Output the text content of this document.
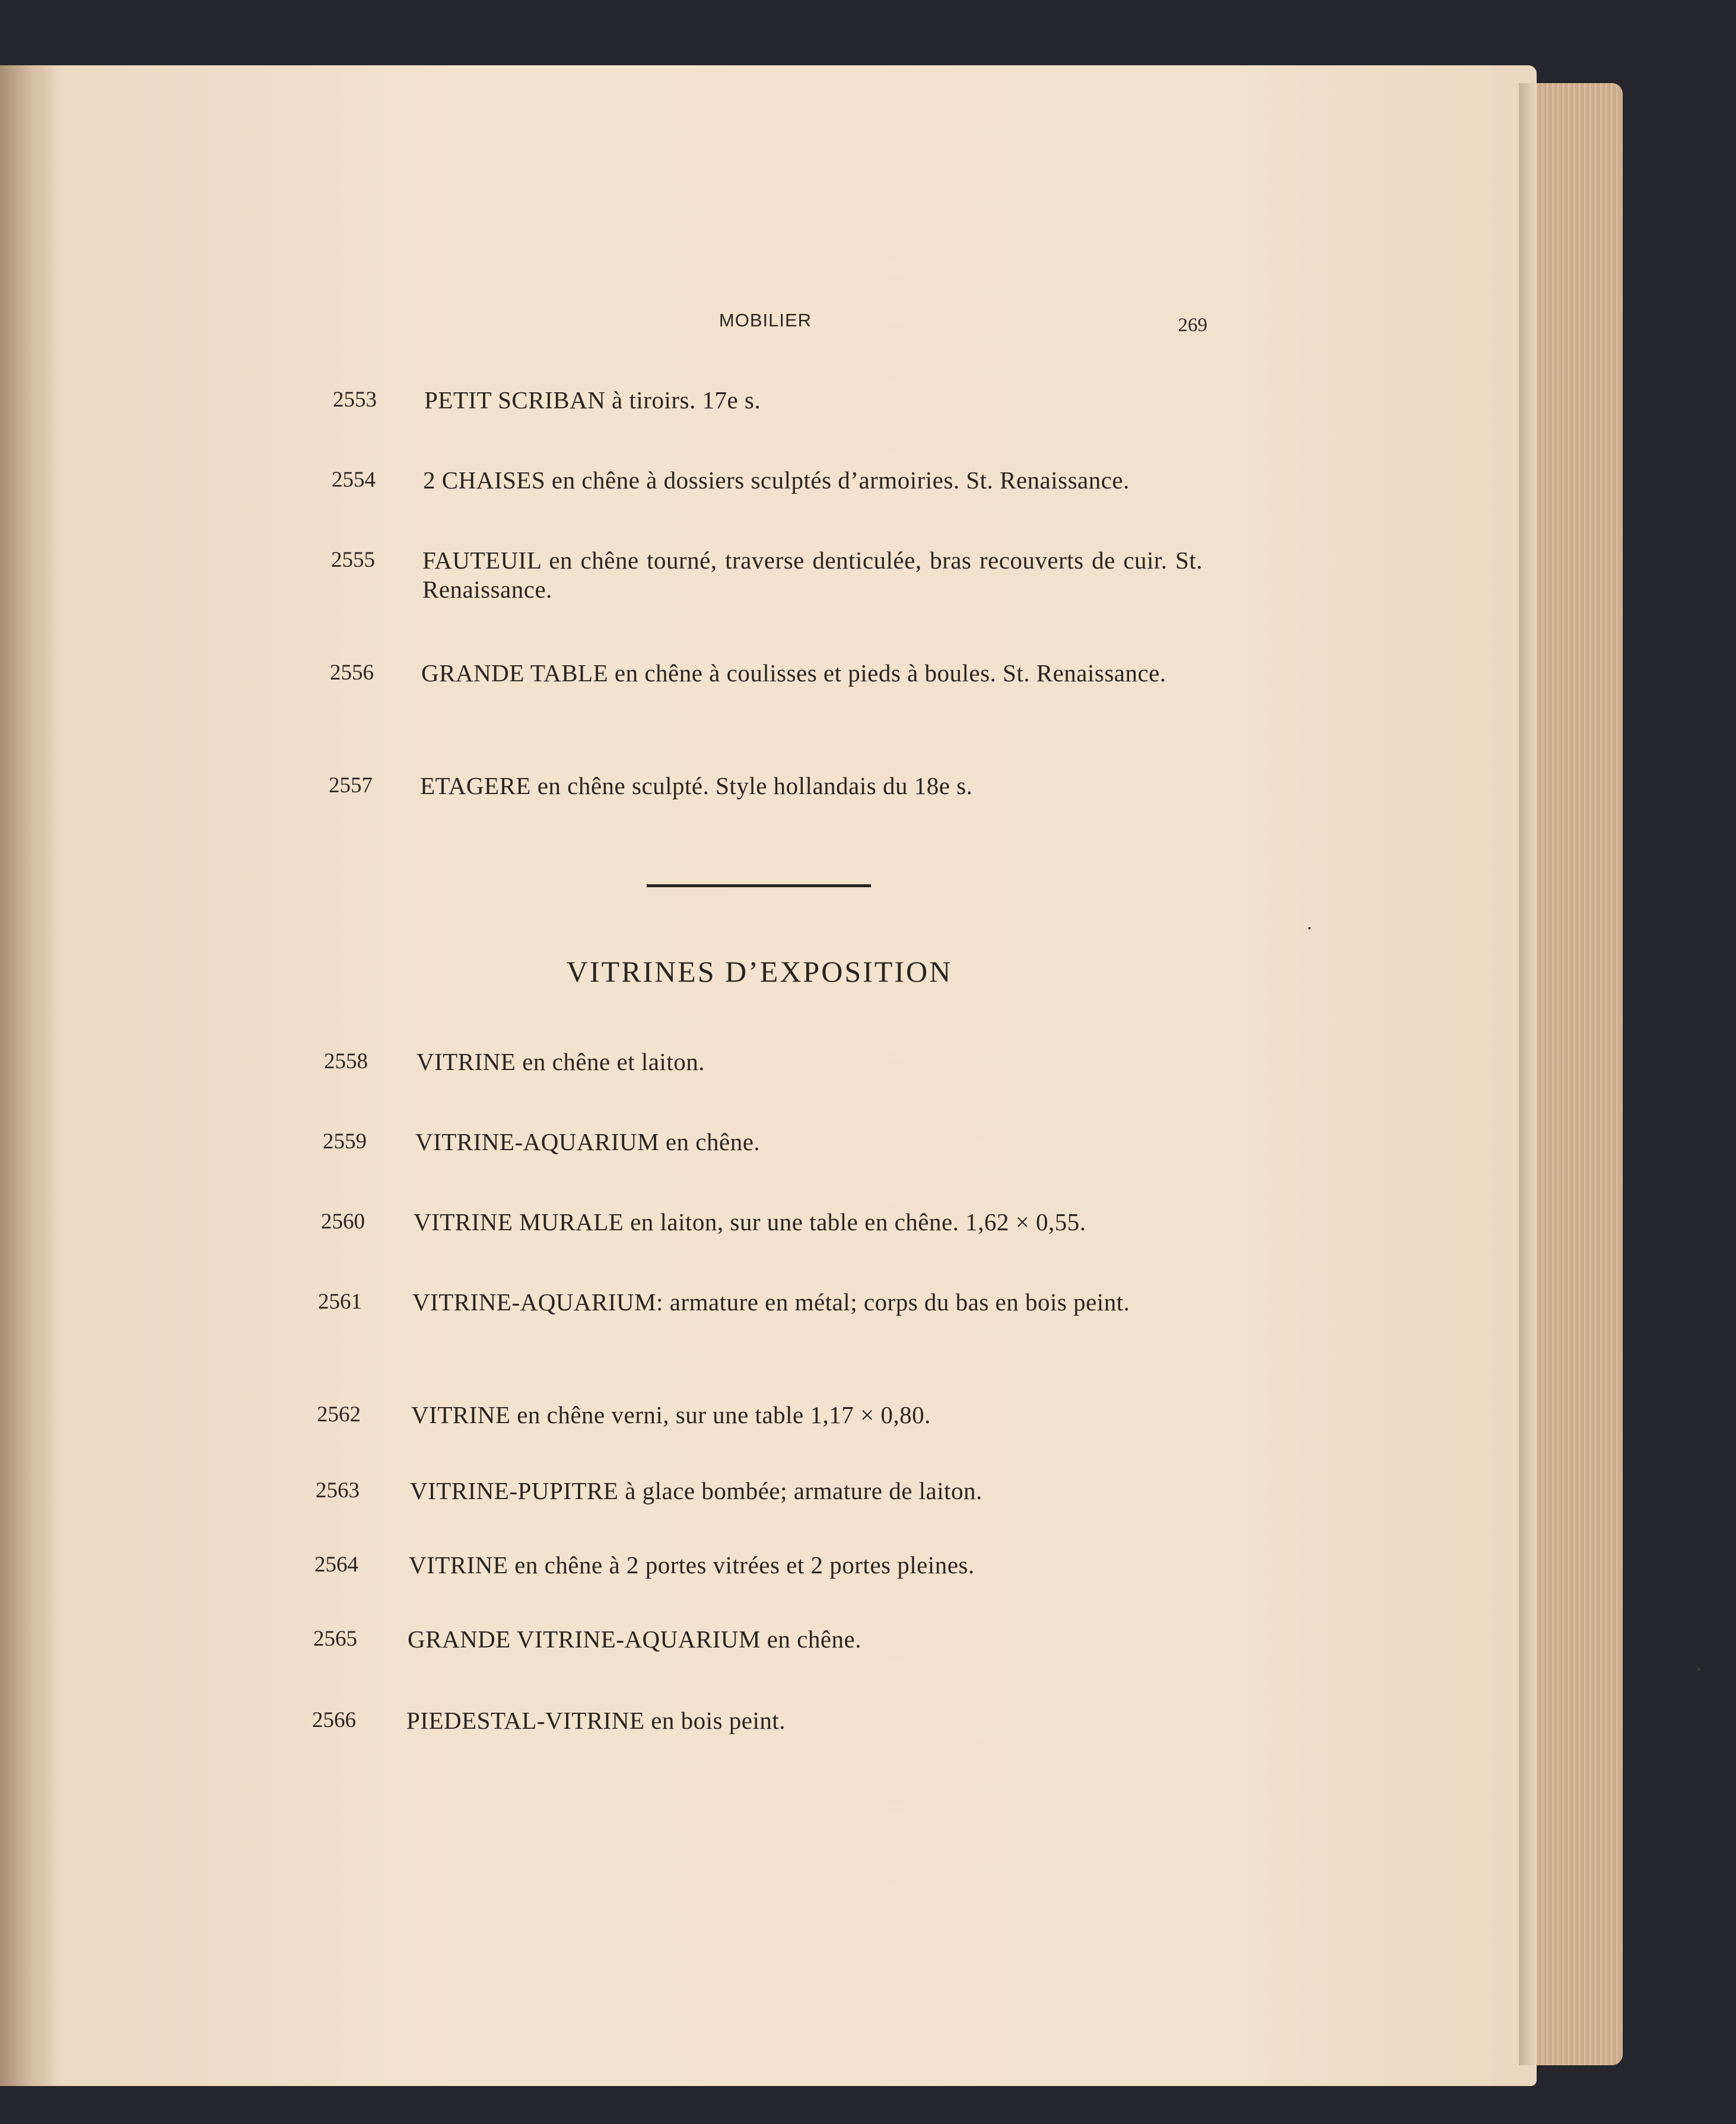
MOBILIER	269
2553 PETIT SCRIBAN à tiroirs. 17e s.
2554 2 CHAISES en chêne à dossiers sculptés d’armoiries. St. Renaissance.
2555 FAUTEUIL en chêne tourné, traverse denticulée, bras recouverts de cuir. St. Renaissance.
2556 GRANDE TABLE en chêne à coulisses et pieds à boules. St. Renaissance.
2557 ETAGERE en chêne sculpté. Style hollandais du 18e s.
VITRINES D’EXPOSITION
2558 VITRINE en chêne et laiton.
2559 VITRINE-AQUARIUM en chêne.
2560 VITRINE MURALE en laiton, sur une table en chêne. 1,62 × 0,55.
2561 VITRINE-AQUARIUM: armature en métal; corps du bas en bois peint.
2562 VITRINE en chêne verni, sur une table 1,17 × 0,80.
2563 VITRINE-PUPITRE à glace bombée; armature de laiton.
2564 VITRINE en chêne à 2 portes vitrées et 2 portes pleines.
2565 GRANDE VITRINE-AQUARIUM en chêne.
2566 PIEDESTAL-VITRINE en bois peint.
